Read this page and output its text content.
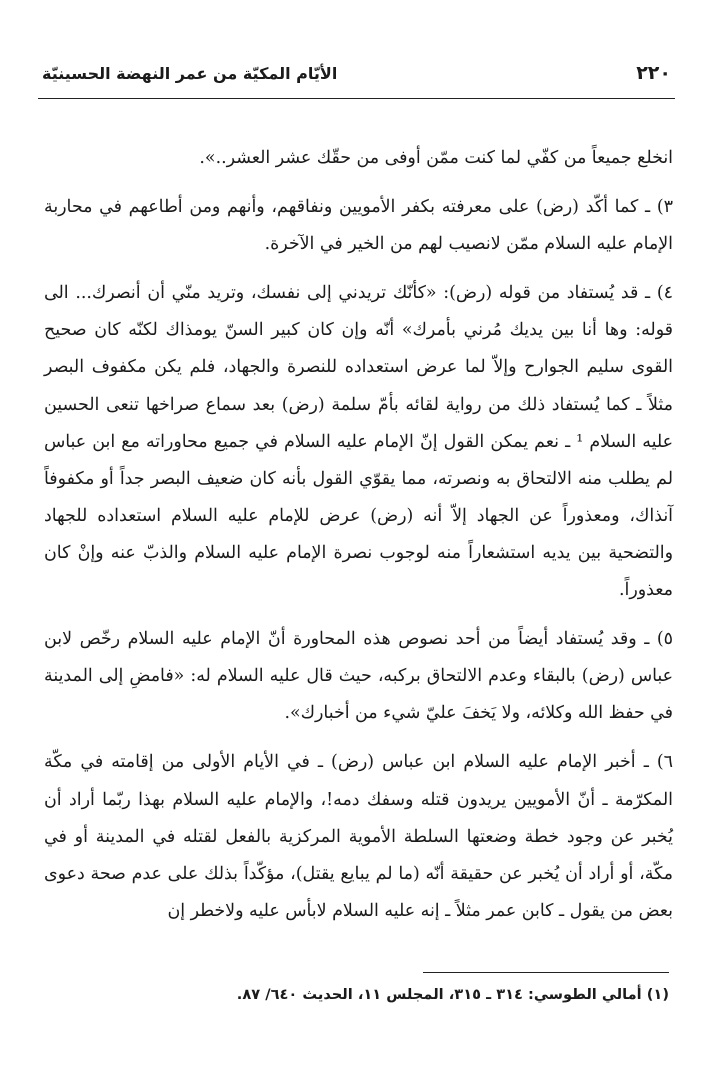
٢٢٠
الأيّام المكيّة من عمر النهضة الحسينيّة

انخلع جميعاً من كفّي لما كنت ممّن أوفى من حقّك عشر العشر..».

٣) ـ كما أكّد (رض) على معرفته بكفر الأمويين ونفاقهم، وأنهم ومن أطاعهم في محاربة الإمام عليه السلام ممّن لانصيب لهم من الخير في الآخرة.

٤) ـ قد يُستفاد من قوله (رض): «كأنّك تريدني إلى نفسك، وتريد منّي أن أنصرك... الى قوله: وها أنا بين يديك مُرني بأمرك» أنّه وإن كان كبير السنّ يومذاك لكنّه كان صحيح القوى سليم الجوارح وإلاّ لما عرض استعداده للنصرة والجهاد، فلم يكن مكفوف البصر مثلاً ـ كما يُستفاد ذلك من رواية لقائه بأمّ سلمة (رض) بعد سماع صراخها تنعى الحسين عليه السلام ¹ ـ نعم يمكن القول إنّ الإمام عليه السلام في جميع محاوراته مع ابن عباس لم يطلب منه الالتحاق به ونصرته، مما يقوّي القول بأنه كان ضعيف البصر جداً أو مكفوفاً آنذاك، ومعذوراً عن الجهاد إلاّ أنه (رض) عرض للإمام عليه السلام استعداده للجهاد والتضحية بين يديه استشعاراً منه لوجوب نصرة الإمام عليه السلام والذبّ عنه وإنْ كان معذوراً.

٥) ـ وقد يُستفاد أيضاً من أحد نصوص هذه المحاورة أنّ الإمام عليه السلام رخّص لابن عباس (رض) بالبقاء وعدم الالتحاق بركبه، حيث قال عليه السلام له: «فامضِ إلى المدينة في حفظ الله وكلائه، ولا يَخفَ عليّ شيء من أخبارك».

٦) ـ أخبر الإمام عليه السلام ابن عباس (رض) ـ في الأيام الأولى من إقامته في مكّة المكرّمة ـ أنّ الأمويين يريدون قتله وسفك دمه!، والإمام عليه السلام بهذا ربّما أراد أن يُخبر عن وجود خطة وضعتها السلطة الأموية المركزية بالفعل لقتله في المدينة أو في مكّة، أو أراد أن يُخبر عن حقيقة أنّه (ما لم يبايع يقتل)، مؤكّداً بذلك على عدم صحة دعوى بعض من يقول ـ كابن عمر مثلاً ـ إنه عليه السلام لابأس عليه ولاخطر إن

(١) أمالي الطوسي: ٣١٤ ـ ٣١٥، المجلس ١١، الحديث ٦٤٠/ ٨٧.
